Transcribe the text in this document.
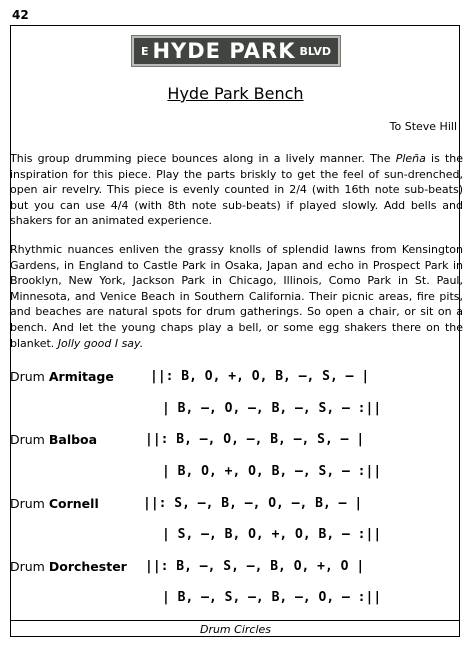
42
E HYDE PARK BLVD
Hyde Park Bench
To Steve Hill
This group drumming piece bounces along in a lively manner. The Pleña is the inspiration for this piece. Play the parts briskly to get the feel of sun-drenched, open air revelry. This piece is evenly counted in 2/4 (with 16th note sub-beats) but you can use 4/4 (with 8th note sub-beats) if played slowly. Add bells and shakers for an animated experience.
Rhythmic nuances enliven the grassy knolls of splendid lawns from Kensington Gardens, in England to Castle Park in Osaka, Japan and echo in Prospect Park in Brooklyn, New York, Jackson Park in Chicago, Illinois, Como Park in St. Paul, Minnesota, and Venice Beach in Southern California. Their picnic areas, fire pits, and beaches are natural spots for drum gatherings. So open a chair, or sit on a bench. And let the young chaps play a bell, or some egg shakers there on the blanket. Jolly good I say.
Drum Armitage	||: B, O, +, O, B, –, S, – |
| B, –, O, –, B, –, S, – :||
Drum Balboa	||: B, –, O, –, B, –, S, – |
| B, O, +, O, B, –, S, – :||
Drum Cornell	||: S, –, B, –, O, –, B, – |
| S, –, B, O, +, O, B, – :||
Drum Dorchester ||: B, –, S, –, B, O, +, O |
| B, –, S, –, B, –, O, – :||
Drum Circles
